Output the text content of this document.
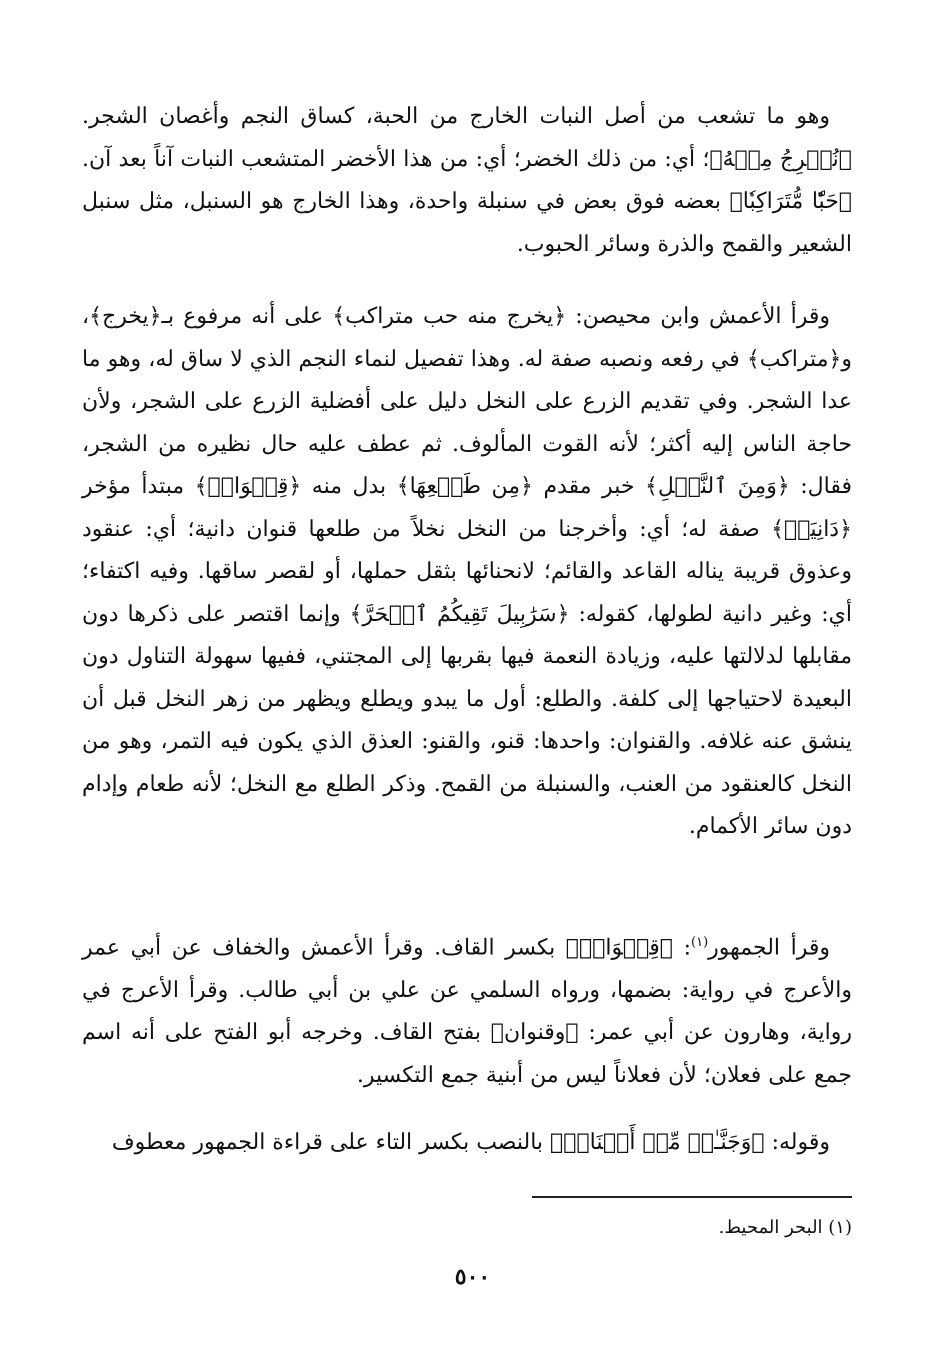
وهو ما تشعب من أصل النبات الخارج من الحبة، كساق النجم وأغصان الشجر. ﴿نُخۡرِجُ مِنۡهُ﴾؛ أي: من ذلك الخضر؛ أي: من هذا الأخضر المتشعب النبات آناً بعد آن. ﴿حَبّٗا مُّتَرَاكِبٗا﴾ بعضه فوق بعض في سنبلة واحدة، وهذا الخارج هو السنبل، مثل سنبل الشعير والقمح والذرة وسائر الحبوب.

وقرأ الأعمش وابن محيصن: ﴿يخرج منه حب متراكب﴾ على أنه مرفوع بـ﴿يخرج﴾، و﴿متراكب﴾ في رفعه ونصبه صفة له. وهذا تفصيل لنماء النجم الذي لا ساق له، وهو ما عدا الشجر. وفي تقديم الزرع على النخل دليل على أفضلية الزرع على الشجر، ولأن حاجة الناس إليه أكثر؛ لأنه القوت المألوف. ثم عطف عليه حال نظيره من الشجر، فقال: ﴿وَمِنَ ٱلنَّخۡلِ﴾ خبر مقدم ﴿مِن طَلۡعِهَا﴾ بدل منه ﴿قِنۡوَانٞ﴾ مبتدأ مؤخر ﴿دَانِيَةٞ﴾ صفة له؛ أي: وأخرجنا من النخل نخلاً من طلعها قنوان دانية؛ أي: عنقود وعذوق قريبة يناله القاعد والقائم؛ لانحنائها بثقل حملها، أو لقصر ساقها. وفيه اكتفاء؛ أي: وغير دانية لطولها، كقوله: ﴿سَرَٰبِيلَ تَقِيكُمُ ٱلۡحَرَّ﴾ وإنما اقتصر على ذكرها دون مقابلها لدلالتها عليه، وزيادة النعمة فيها بقربها إلى المجتني، ففيها سهولة التناول دون البعيدة لاحتياجها إلى كلفة. والطلع: أول ما يبدو ويطلع ويظهر من زهر النخل قبل أن ينشق عنه غلافه. والقنوان: واحدها: قنو، والقنو: العذق الذي يكون فيه التمر، وهو من النخل كالعنقود من العنب، والسنبلة من القمح. وذكر الطلع مع النخل؛ لأنه طعام وإدام دون سائر الأكمام.

وقرأ الجمهور$^{(١)}$: ﴿قِنۡوَانٞ﴾ بكسر القاف. وقرأ الأعمش والخفاف عن أبي عمر والأعرج في رواية: بضمها، ورواه السلمي عن علي بن أبي طالب. وقرأ الأعرج في رواية، وهارون عن أبي عمر: ﴿وقنوان﴾ بفتح القاف. وخرجه أبو الفتح على أنه اسم جمع على فعلان؛ لأن فعلاناً ليس من أبنية جمع التكسير.

وقوله: ﴿وَجَنَّـٰتٖ مِّنۡ أَعۡنَابٖ﴾ بالنصب بكسر التاء على قراءة الجمهور معطوف

(١) البحر المحيط.

٥٠٠
